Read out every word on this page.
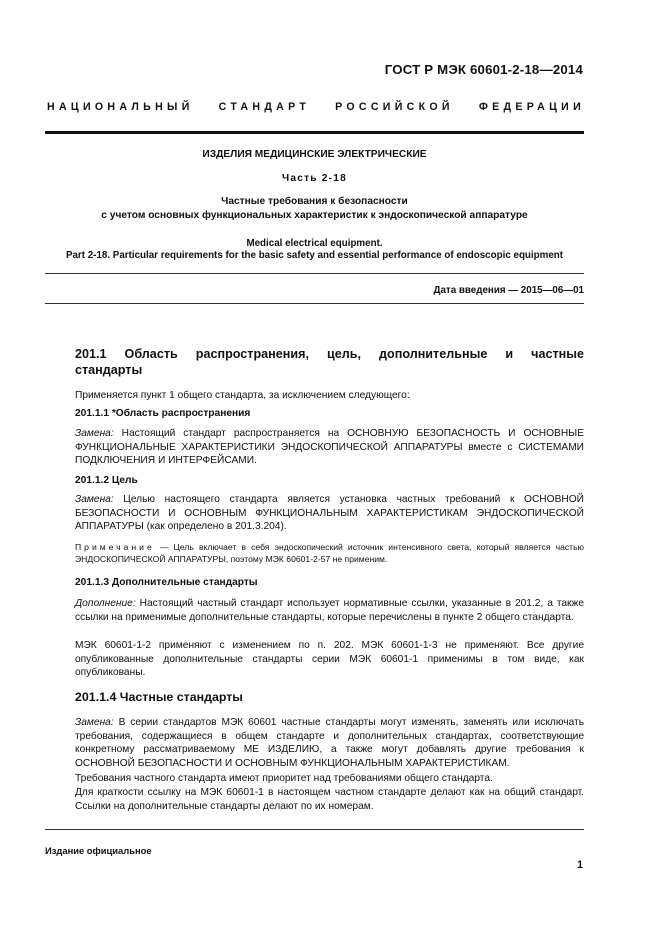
ГОСТ Р МЭК 60601-2-18—2014
НАЦИОНАЛЬНЫЙ СТАНДАРТ РОССИЙСКОЙ ФЕДЕРАЦИИ
ИЗДЕЛИЯ МЕДИЦИНСКИЕ ЭЛЕКТРИЧЕСКИЕ
Часть 2-18
Частные требования к безопасности
с учетом основных функциональных характеристик к эндоскопической аппаратуре
Medical electrical equipment.
Part 2-18. Particular requirements for the basic safety and essential performance of endoscopic equipment
Дата введения — 2015—06—01
201.1 Область распространения, цель, дополнительные и частные стандарты
Применяется пункт 1 общего стандарта, за исключением следующего:
201.1.1 *Область распространения
Замена: Настоящий стандарт распространяется на ОСНОВНУЮ БЕЗОПАСНОСТЬ И ОСНОВНЫЕ ФУНКЦИОНАЛЬНЫЕ ХАРАКТЕРИСТИКИ ЭНДОСКОПИЧЕСКОЙ АППАРАТУРЫ вместе с СИСТЕМАМИ ПОДКЛЮЧЕНИЯ И ИНТЕРФЕЙСАМИ.
201.1.2 Цель
Замена: Целью настоящего стандарта является установка частных требований к ОСНОВНОЙ БЕЗОПАСНОСТИ И ОСНОВНЫМ ФУНКЦИОНАЛЬНЫМ ХАРАКТЕРИСТИКАМ ЭНДОСКОПИЧЕСКОЙ АППАРАТУРЫ (как определено в 201.3.204).
Примечание — Цель включает в себя эндоскопический источник интенсивного света, который является частью ЭНДОСКОПИЧЕСКОЙ АППАРАТУРЫ, поэтому МЭК 60601-2-57 не применим.
201.1.3 Дополнительные стандарты
Дополнение: Настоящий частный стандарт использует нормативные ссылки, указанные в 201.2, а также ссылки на применимые дополнительные стандарты, которые перечислены в пункте 2 общего стандарта.
МЭК 60601-1-2 применяют с изменением по п. 202. МЭК 60601-1-3 не применяют. Все другие опубликованные дополнительные стандарты серии МЭК 60601-1 применимы в том виде, как опубликованы.
201.1.4 Частные стандарты
Замена: В серии стандартов МЭК 60601 частные стандарты могут изменять, заменять или исключать требования, содержащиеся в общем стандарте и дополнительных стандартах, соответствующие конкретному рассматриваемому МЕ ИЗДЕЛИЮ, а также могут добавлять другие требования к ОСНОВНОЙ БЕЗОПАСНОСТИ И ОСНОВНЫМ ФУНКЦИОНАЛЬНЫМ ХАРАКТЕРИСТИКАМ.
Требования частного стандарта имеют приоритет над требованиями общего стандарта.
Для краткости ссылку на МЭК 60601-1 в настоящем частном стандарте делают как на общий стандарт. Ссылки на дополнительные стандарты делают по их номерам.
Издание официальное
1
